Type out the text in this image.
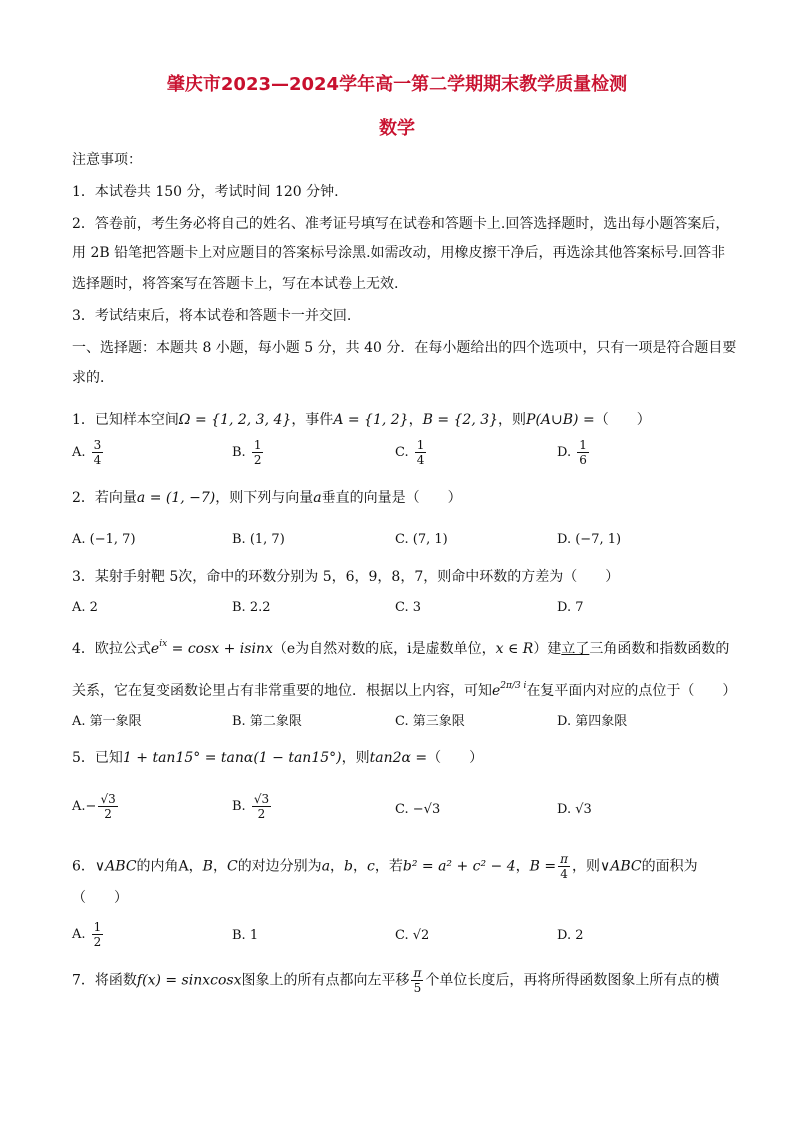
肇庆市2023—2024学年高一第二学期期末教学质量检测
数学
注意事项：
1．本试卷共 150 分，考试时间 120 分钟.
2．答卷前，考生务必将自己的姓名、准考证号填写在试卷和答题卡上.回答选择题时，选出每小题答案后，
用 2B 铅笔把答题卡上对应题目的答案标号涂黑.如需改动，用橡皮擦干净后，再选涂其他答案标号.回答非
选择题时，将答案写在答题卡上，写在本试卷上无效.
3．考试结束后，将本试卷和答题卡一并交回.
一、选择题：本题共 8 小题，每小题 5 分，共 40 分．在每小题给出的四个选项中，只有一项是符合题目要
求的．
1．已知样本空间Ω = {1, 2, 3, 4}，事件A = {1, 2}，B = {2, 3}，则P(A∪B) =（　　）
A. $\frac{3}{4}$	B. $\frac{1}{2}$	C. $\frac{1}{4}$	D. $\frac{1}{6}$
2．若向量a = (1, −7)，则下列与向量a垂直的向量是（　　）
A. (−1, 7)	B. (1, 7)	C. (7, 1)	D. (−7, 1)
3．某射手射靶 5次，命中的环数分别为 5，6，9，8，7，则命中环数的方差为（　　）
A. 2	B. 2.2	C. 3	D. 7
4．欧拉公式$e^{ix} = \cos x + isinx(e$为自然对数的底，i是虚数单位，x ∈ R）建立了三角函数和指数函数的
关系，它在复变函数论里占有非常重要的地位．根据以上内容，可知$e^{2\pi/3 i}$在复平面内对应的点位于（　　）
A. 第一象限	B. 第二象限	C. 第三象限	D. 第四象限
5．已知1 + tan15° = tanα(1 − tan15°)，则tan2α =（　　）
$A.- \frac{√3}{2}$	B. $\frac{√3}{2}$	C. −√3	D. √3
6．∨ABC的内角A，B，C的对边分别为a，b，c，若b² = a² + c² − 4，$B = \frac{\pi}{4}$ ，则∨ABC的面积为
（　　）
A. $\frac{1}{2}$	B. 1	C. √2	D. 2
7．将函数f(x) = sinxcosx图象上的所有点都向左平移 $\frac{\pi}{5}$ 个单位长度后，再将所得函数图象上所有点的横
